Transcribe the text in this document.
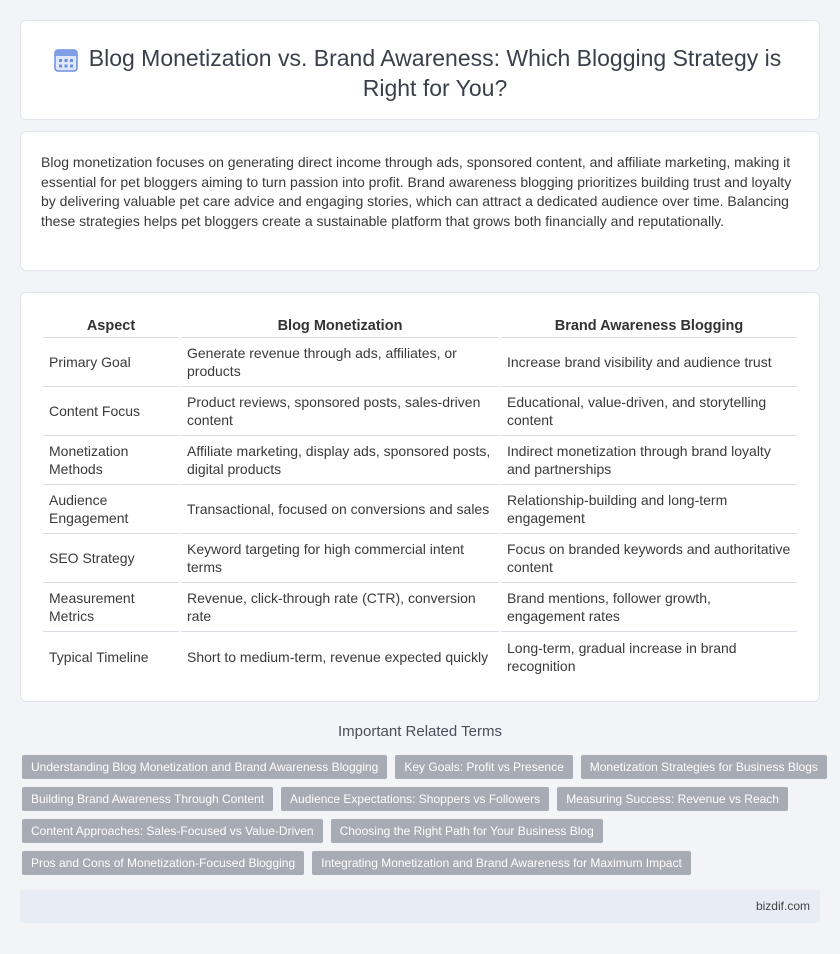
Blog Monetization vs. Brand Awareness: Which Blogging Strategy is Right for You?

Blog monetization focuses on generating direct income through ads, sponsored content, and affiliate marketing, making it essential for pet bloggers aiming to turn passion into profit. Brand awareness blogging prioritizes building trust and loyalty by delivering valuable pet care advice and engaging stories, which can attract a dedicated audience over time. Balancing these strategies helps pet bloggers create a sustainable platform that grows both financially and reputationally.

Aspect	Blog Monetization	Brand Awareness Blogging
Primary Goal	Generate revenue through ads, affiliates, or products	Increase brand visibility and audience trust
Content Focus	Product reviews, sponsored posts, sales-driven content	Educational, value-driven, and storytelling content
Monetization Methods	Affiliate marketing, display ads, sponsored posts, digital products	Indirect monetization through brand loyalty and partnerships
Audience Engagement	Transactional, focused on conversions and sales	Relationship-building and long-term engagement
SEO Strategy	Keyword targeting for high commercial intent terms	Focus on branded keywords and authoritative content
Measurement Metrics	Revenue, click-through rate (CTR), conversion rate	Brand mentions, follower growth, engagement rates
Typical Timeline	Short to medium-term, revenue expected quickly	Long-term, gradual increase in brand recognition
Important Related Terms
Understanding Blog Monetization and Brand Awareness Blogging	Key Goals: Profit vs Presence	Monetization Strategies for Business Blogs
Building Brand Awareness Through Content	Audience Expectations: Shoppers vs Followers	Measuring Success: Revenue vs Reach
Content Approaches: Sales-Focused vs Value-Driven	Choosing the Right Path for Your Business Blog
Pros and Cons of Monetization-Focused Blogging	Integrating Monetization and Brand Awareness for Maximum Impact
bizdif.com
